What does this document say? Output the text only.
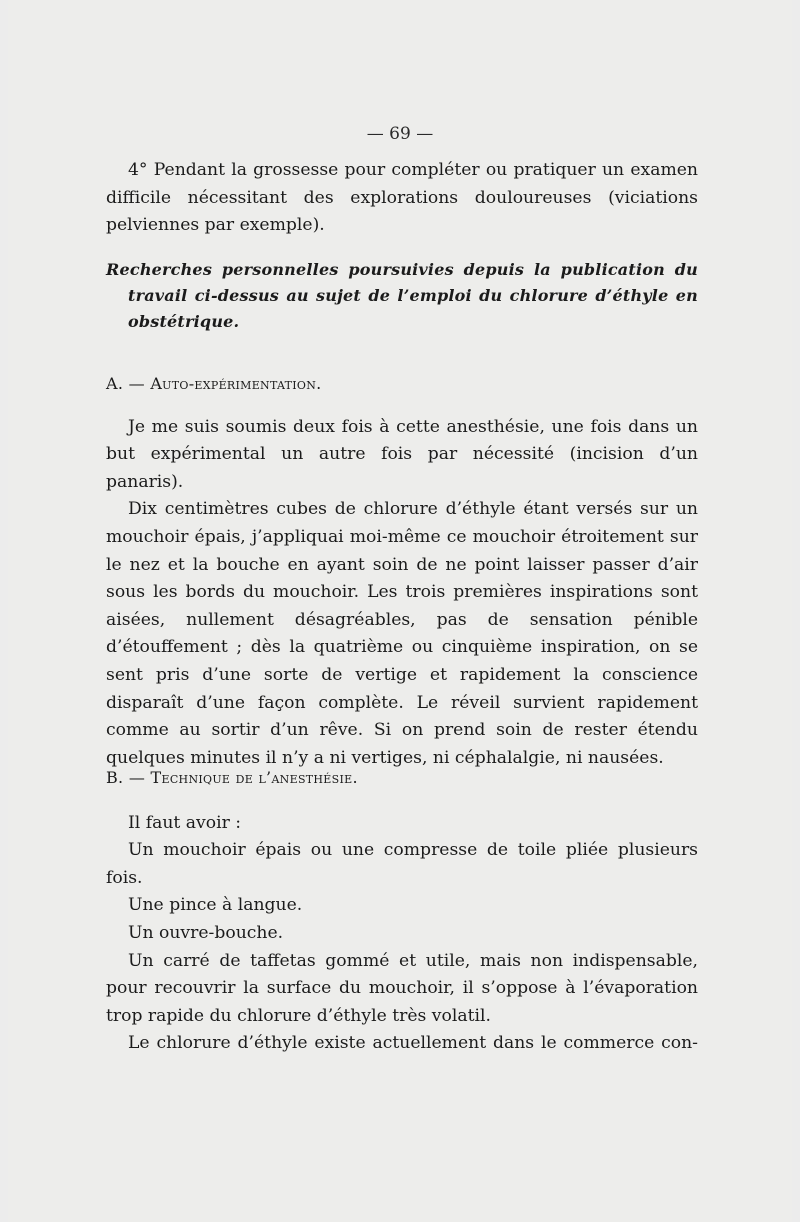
— 69 —

4° Pendant la grossesse pour compléter ou pratiquer un examen difficile nécessitant des explorations douloureuses (viciations pelviennes par exemple).

Recherches personnelles poursuivies depuis la publication du travail ci-dessus au sujet de l’emploi du chlorure d’éthyle en obstétrique.

A. — Auto-expérimentation.

Je me suis soumis deux fois à cette anesthésie, une fois dans un but expérimental un autre fois par nécessité (incision d’un panaris).

Dix centimètres cubes de chlorure d’éthyle étant versés sur un mouchoir épais, j’appliquai moi-même ce mouchoir étroitement sur le nez et la bouche en ayant soin de ne point laisser passer d’air sous les bords du mouchoir. Les trois premières inspirations sont aisées, nullement désagréables, pas de sensation pénible d’étouffement ; dès la quatrième ou cinquième inspiration, on se sent pris d’une sorte de vertige et rapidement la conscience disparaît d’une façon complète. Le réveil survient rapidement comme au sortir d’un rêve. Si on prend soin de rester étendu quelques minutes il n’y a ni vertiges, ni céphalalgie, ni nausées.

B. — Technique de l’anesthésie.

Il faut avoir :

Un mouchoir épais ou une compresse de toile pliée plusieurs fois.

Une pince à langue.

Un ouvre-bouche.

Un carré de taffetas gommé et utile, mais non indispensable, pour recouvrir la surface du mouchoir, il s’oppose à l’évaporation trop rapide du chlorure d’éthyle très volatil.

Le chlorure d’éthyle existe actuellement dans le commerce con-
